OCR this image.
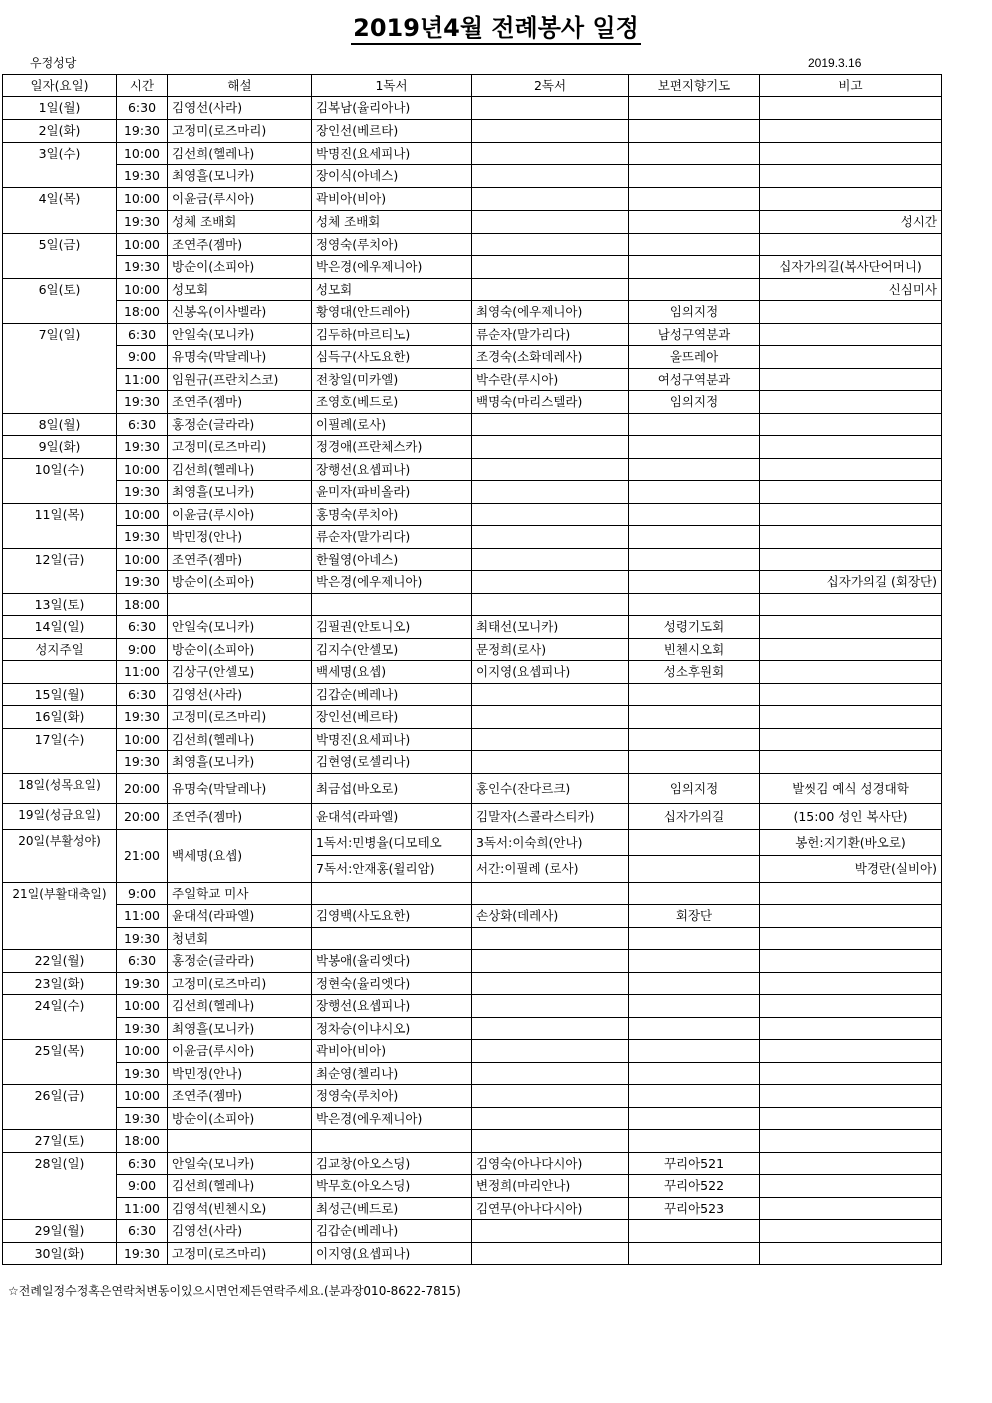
2019년4월 전례봉사 일정
우정성당	2019.3.16
일자(요일)	시간	해설	1독서	2독서	보편지향기도	비고
1일(월)	6:30	김영선(사라)	김복남(율리아나)			
2일(화)	19:30	고정미(로즈마리)	장인선(베르타)			
3일(수)	10:00	김선희(헬레나)	박명진(요세피나)			
	19:30	최영흘(모니카)	장이식(아네스)			
4일(목)	10:00	이윤금(루시아)	곽비아(비아)			
	19:30	성체 조배회	성체 조배회			성시간
5일(금)	10:00	조연주(젬마)	정영숙(루치아)			
	19:30	방순이(소피아)	박은경(에우제니아)			십자가의길(복사단어머니)
6일(토)	10:00	성모회	성모회			신심미사
	18:00	신봉옥(이사벨라)	황영대(안드레아)	최영숙(에우제니아)	임의지정	
7일(일)	6:30	안일숙(모니카)	김두하(마르티노)	류순자(말가리다)	남성구역분과	
	9:00	유명숙(막달레나)	심득구(사도요한)	조경숙(소화데레사)	울뜨레아	
	11:00	임원규(프란치스코)	전창일(미카엘)	박수란(루시아)	여성구역분과	
	19:30	조연주(젬마)	조영호(베드로)	백명숙(마리스텔라)	임의지정	
8일(월)	6:30	홍정순(글라라)	이필례(로사)			
9일(화)	19:30	고정미(로즈마리)	정경애(프란체스카)			
10일(수)	10:00	김선희(헬레나)	장행선(요셉피나)			
	19:30	최영흘(모니카)	윤미자(파비올라)			
11일(목)	10:00	이윤금(루시아)	홍명숙(루치아)			
	19:30	박민정(안나)	류순자(말가리다)			
12일(금)	10:00	조연주(젬마)	한월영(아네스)			
	19:30	방순이(소피아)	박은경(에우제니아)			십자가의길 (회장단)
13일(토)	18:00					
14일(일)	6:30	안일숙(모니카)	김필권(안토니오)	최태선(모니카)	성령기도회	
성지주일	9:00	방순이(소피아)	김지수(안셀모)	문정희(로사)	빈첸시오회	
	11:00	김상구(안셀모)	백세명(요셉)	이지영(요셉피나)	성소후원회	
15일(월)	6:30	김영선(사라)	김갑순(베레나)			
16일(화)	19:30	고정미(로즈마리)	장인선(베르타)			
17일(수)	10:00	김선희(헬레나)	박명진(요세피나)			
	19:30	최영흘(모니카)	김현영(로셀리나)			
18일(성목요일)	20:00	유명숙(막달레나)	최금섭(바오로)	홍인수(잔다르크)	임의지정	발씻김 예식 성경대학
19일(성금요일)	20:00	조연주(젬마)	윤대석(라파엘)	김말자(스콜라스티카)	십자가의길	(15:00 성인 복사단)
20일(부활성야)	21:00	백세명(요셉)	1독서:민병율(디모테오	3독서:이숙희(안나)		봉헌:지기환(바오로)
			7독서:안재홍(윌리암)	서간:이필례 (로사)		박경란(실비아)
21일(부활대축일)	9:00	주일학교 미사				
	11:00	윤대석(라파엘)	김영백(사도요한)	손상화(데레사)	회장단	
	19:30	청년회				
22일(월)	6:30	홍정순(글라라)	박봉애(율리엣다)			
23일(화)	19:30	고정미(로즈마리)	정현숙(율리엣다)			
24일(수)	10:00	김선희(헬레나)	장행선(요셉피나)			
	19:30	최영흘(모니카)	정차승(이냐시오)			
25일(목)	10:00	이윤금(루시아)	곽비아(비아)			
	19:30	박민정(안나)	최순영(첼리나)			
26일(금)	10:00	조연주(젬마)	정영숙(루치아)			
	19:30	방순이(소피아)	박은경(에우제니아)			
27일(토)	18:00					
28일(일)	6:30	안일숙(모니카)	김교창(아오스딩)	김영숙(아나다시아)	꾸리아521	
	9:00	김선희(헬레나)	박무호(아오스딩)	변정희(마리안나)	꾸리아522	
	11:00	김영석(빈첸시오)	최성근(베드로)	김연무(아나다시아)	꾸리아523	
29일(월)	6:30	김영선(사라)	김갑순(베레나)			
30일(화)	19:30	고정미(로즈마리)	이지영(요셉피나)			
☆전례일정수정혹은연락처변동이있으시면언제든연락주세요.(분과장010-8622-7815)
